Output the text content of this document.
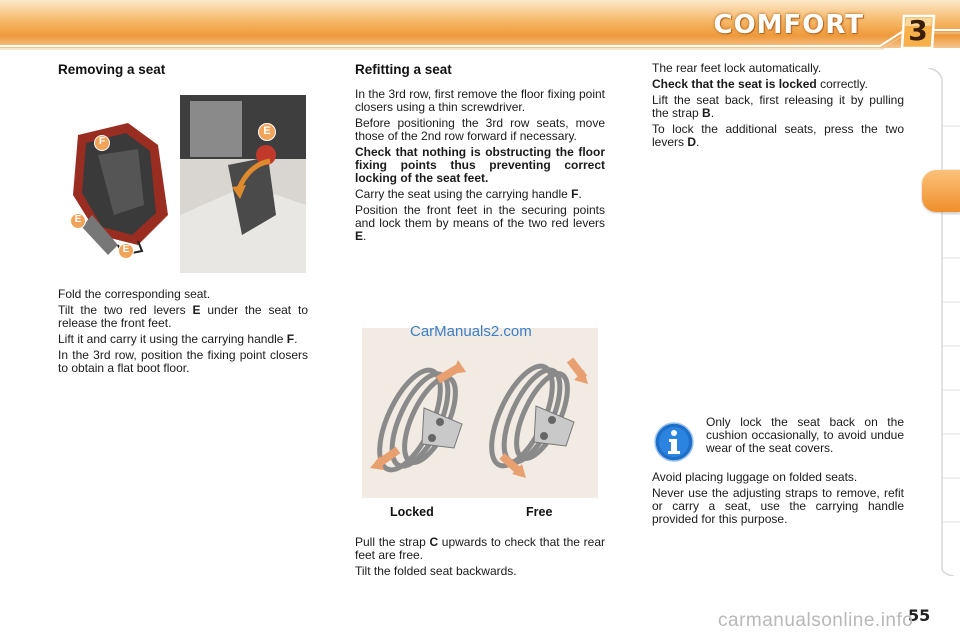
COMFORT	3
Removing a seat
F
E
E
E

Fold the corresponding seat.

Tilt the two red levers E under the seat to release the front feet.

Lift it and carry it using the carrying handle F.

In the 3rd row, position the fixing point closers to obtain a flat boot floor.

Refitting a seat

In the 3rd row, first remove the floor fixing point closers using a thin screwdriver.

Before positioning the 3rd row seats, move those of the 2nd row forward if necessary.

Check that nothing is obstructing the floor fixing points thus preventing correct locking of the seat feet.

Carry the seat using the carrying handle F.

Position the front feet in the securing points and lock them by means of the two red levers E.

CarManuals2.com
Locked	Free

Pull the strap C upwards to check that the rear feet are free.

Tilt the folded seat backwards.

The rear feet lock automatically.

Check that the seat is locked correctly.

Lift the seat back, first releasing it by pulling the strap B.

To lock the additional seats, press the two levers D.

Only lock the seat back on the cushion occasionally, to avoid undue wear of the seat covers.

Avoid placing luggage on folded seats.

Never use the adjusting straps to remove, refit or carry a seat, use the carrying handle provided for this purpose.

55
carmanualsonline.info
